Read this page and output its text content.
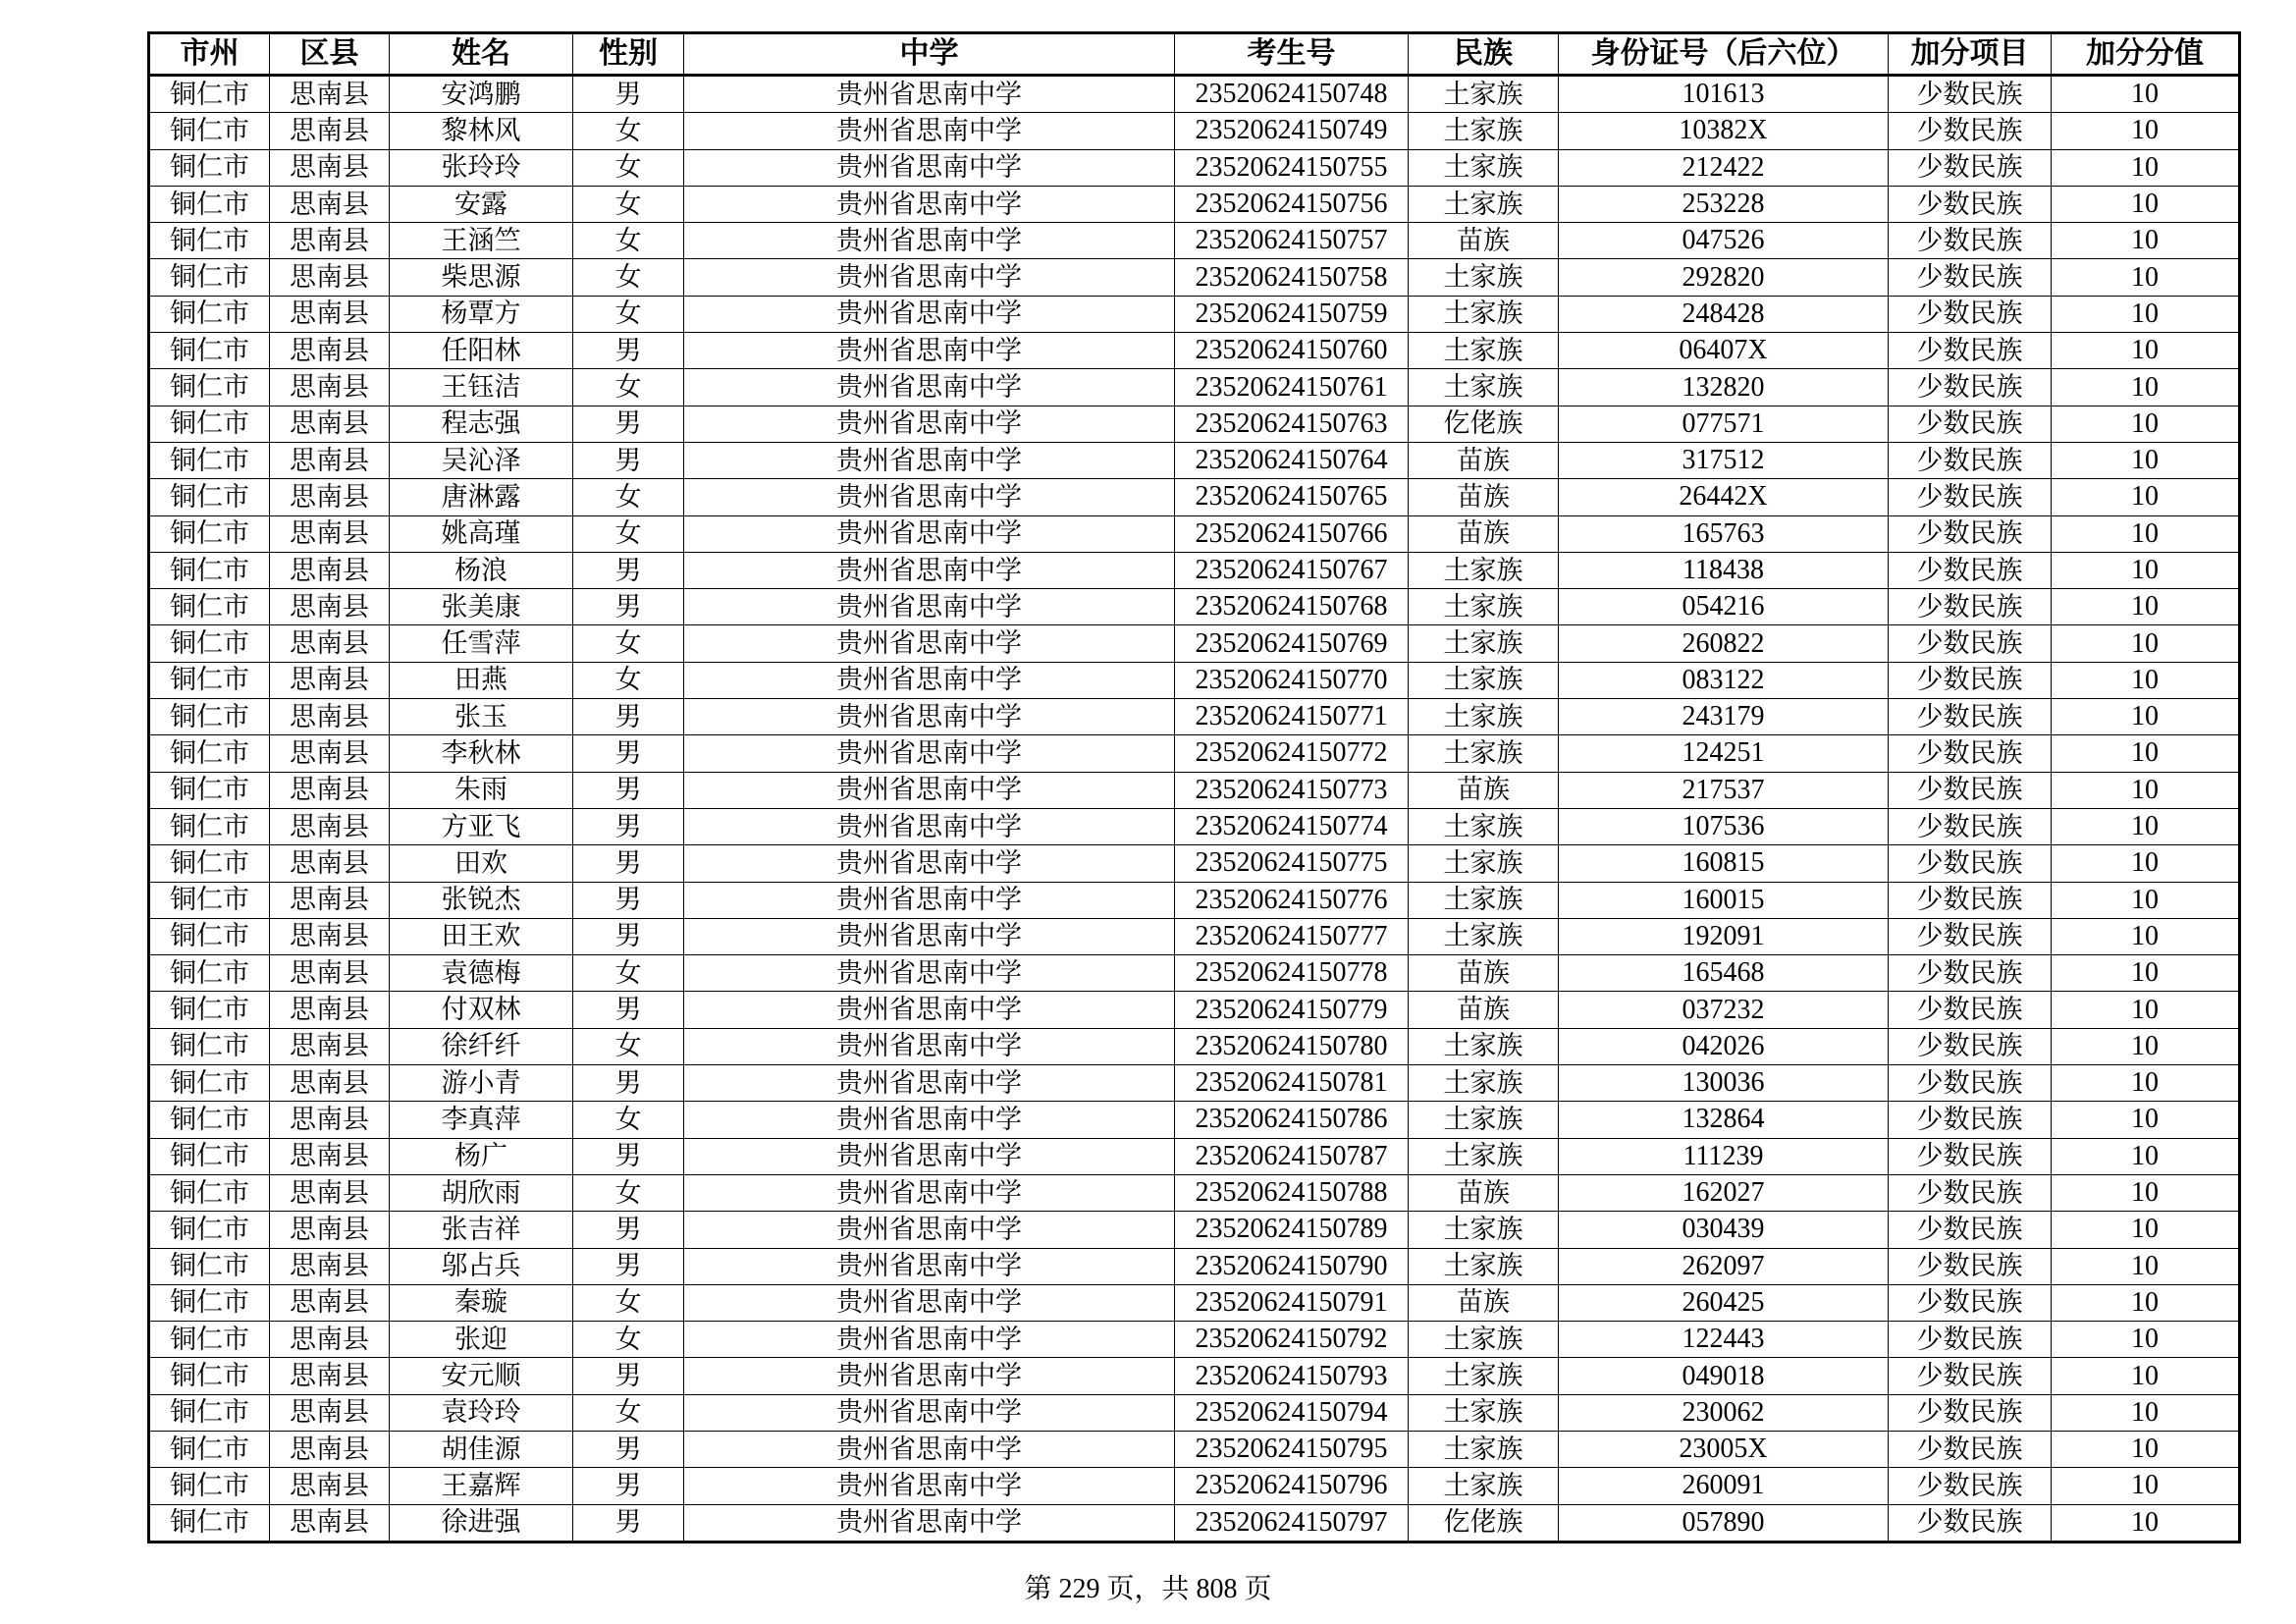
市州	区县	姓名	性别	中学	考生号	民族	身份证号（后六位）	加分项目	加分分值
铜仁市	思南县	安鸿鹏	男	贵州省思南中学	23520624150748	土家族	101613	少数民族	10
铜仁市	思南县	黎林风	女	贵州省思南中学	23520624150749	土家族	10382X	少数民族	10
铜仁市	思南县	张玲玲	女	贵州省思南中学	23520624150755	土家族	212422	少数民族	10
铜仁市	思南县	安露	女	贵州省思南中学	23520624150756	土家族	253228	少数民族	10
铜仁市	思南县	王涵竺	女	贵州省思南中学	23520624150757	苗族	047526	少数民族	10
铜仁市	思南县	柴思源	女	贵州省思南中学	23520624150758	土家族	292820	少数民族	10
铜仁市	思南县	杨覃方	女	贵州省思南中学	23520624150759	土家族	248428	少数民族	10
铜仁市	思南县	任阳林	男	贵州省思南中学	23520624150760	土家族	06407X	少数民族	10
铜仁市	思南县	王钰洁	女	贵州省思南中学	23520624150761	土家族	132820	少数民族	10
铜仁市	思南县	程志强	男	贵州省思南中学	23520624150763	仡佬族	077571	少数民族	10
铜仁市	思南县	吴沁泽	男	贵州省思南中学	23520624150764	苗族	317512	少数民族	10
铜仁市	思南县	唐淋露	女	贵州省思南中学	23520624150765	苗族	26442X	少数民族	10
铜仁市	思南县	姚高瑾	女	贵州省思南中学	23520624150766	苗族	165763	少数民族	10
铜仁市	思南县	杨浪	男	贵州省思南中学	23520624150767	土家族	118438	少数民族	10
铜仁市	思南县	张美康	男	贵州省思南中学	23520624150768	土家族	054216	少数民族	10
铜仁市	思南县	任雪萍	女	贵州省思南中学	23520624150769	土家族	260822	少数民族	10
铜仁市	思南县	田燕	女	贵州省思南中学	23520624150770	土家族	083122	少数民族	10
铜仁市	思南县	张玉	男	贵州省思南中学	23520624150771	土家族	243179	少数民族	10
铜仁市	思南县	李秋林	男	贵州省思南中学	23520624150772	土家族	124251	少数民族	10
铜仁市	思南县	朱雨	男	贵州省思南中学	23520624150773	苗族	217537	少数民族	10
铜仁市	思南县	方亚飞	男	贵州省思南中学	23520624150774	土家族	107536	少数民族	10
铜仁市	思南县	田欢	男	贵州省思南中学	23520624150775	土家族	160815	少数民族	10
铜仁市	思南县	张锐杰	男	贵州省思南中学	23520624150776	土家族	160015	少数民族	10
铜仁市	思南县	田王欢	男	贵州省思南中学	23520624150777	土家族	192091	少数民族	10
铜仁市	思南县	袁德梅	女	贵州省思南中学	23520624150778	苗族	165468	少数民族	10
铜仁市	思南县	付双林	男	贵州省思南中学	23520624150779	苗族	037232	少数民族	10
铜仁市	思南县	徐纤纤	女	贵州省思南中学	23520624150780	土家族	042026	少数民族	10
铜仁市	思南县	游小青	男	贵州省思南中学	23520624150781	土家族	130036	少数民族	10
铜仁市	思南县	李真萍	女	贵州省思南中学	23520624150786	土家族	132864	少数民族	10
铜仁市	思南县	杨广	男	贵州省思南中学	23520624150787	土家族	111239	少数民族	10
铜仁市	思南县	胡欣雨	女	贵州省思南中学	23520624150788	苗族	162027	少数民族	10
铜仁市	思南县	张吉祥	男	贵州省思南中学	23520624150789	土家族	030439	少数民族	10
铜仁市	思南县	邬占兵	男	贵州省思南中学	23520624150790	土家族	262097	少数民族	10
铜仁市	思南县	秦璇	女	贵州省思南中学	23520624150791	苗族	260425	少数民族	10
铜仁市	思南县	张迎	女	贵州省思南中学	23520624150792	土家族	122443	少数民族	10
铜仁市	思南县	安元顺	男	贵州省思南中学	23520624150793	土家族	049018	少数民族	10
铜仁市	思南县	袁玲玲	女	贵州省思南中学	23520624150794	土家族	230062	少数民族	10
铜仁市	思南县	胡佳源	男	贵州省思南中学	23520624150795	土家族	23005X	少数民族	10
铜仁市	思南县	王嘉辉	男	贵州省思南中学	23520624150796	土家族	260091	少数民族	10
铜仁市	思南县	徐进强	男	贵州省思南中学	23520624150797	仡佬族	057890	少数民族	10
第 229 页，共 808 页
